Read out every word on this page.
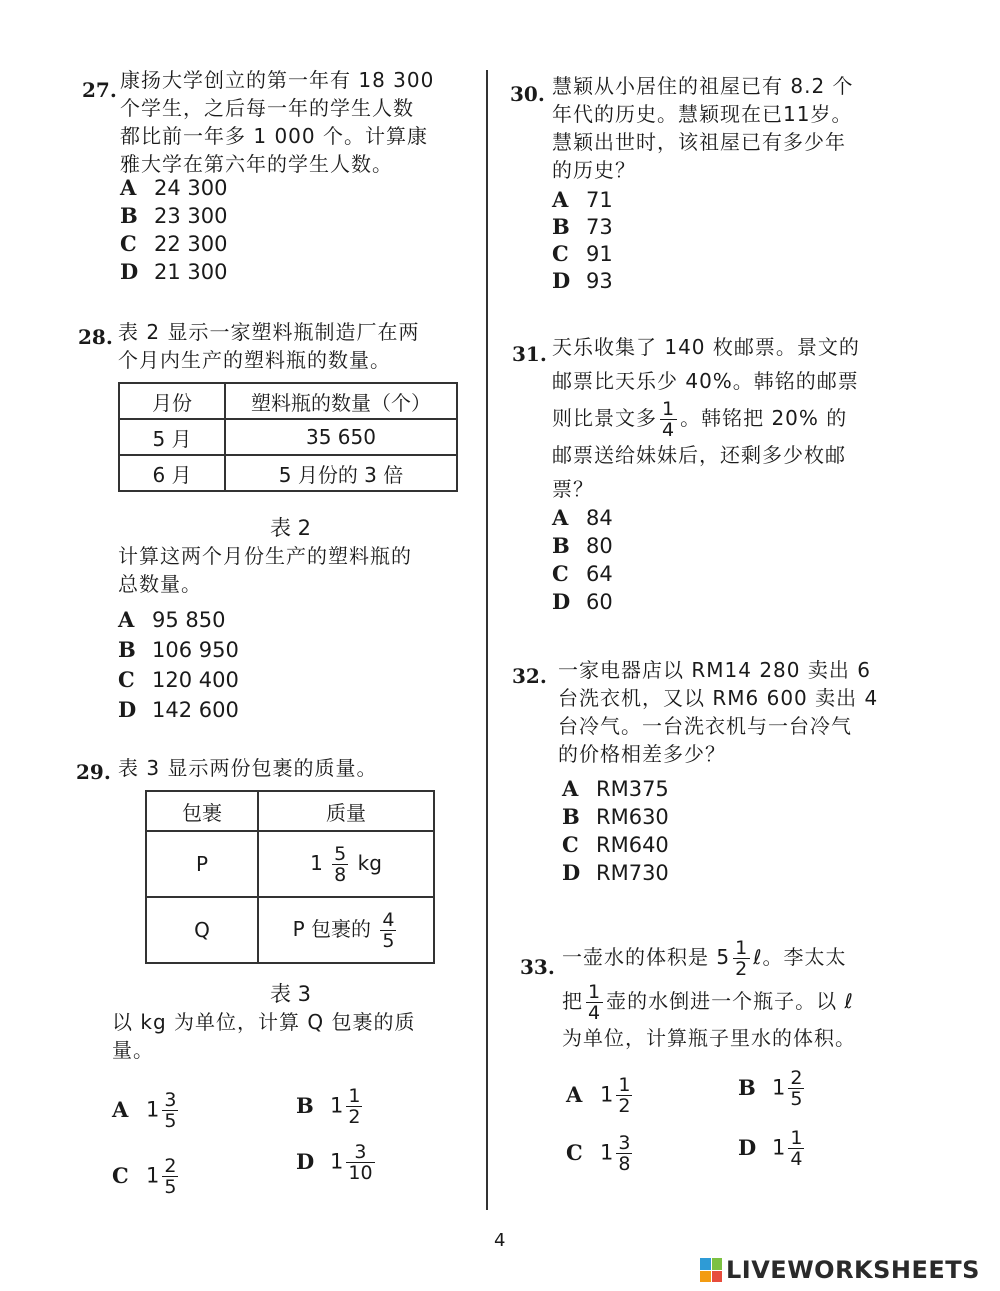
27. 康扬大学创立的第一年有 18 300
个学生，之后每一年的学生人数
都比前一年多 1 000 个。计算康
雅大学在第六年的学生人数。
A 24 300
B 23 300
C 22 300
D 21 300
28. 表 2 显示一家塑料瓶制造厂在两
个月内生产的塑料瓶的数量。
月份	塑料瓶的数量（个）
5 月	35 650
6 月	5 月份的 3 倍
表 2
计算这两个月份生产的塑料瓶的
总数量。
A 95 850
B 106 950
C 120 400
D 142 600
29. 表 3 显示两份包裹的质量。
包裹	质量
P	$1 \frac{5}{8}$ kg
Q	P 包裹的 $\frac{4}{5}$
表 3
以 kg 为单位，计算 Q 包裹的质
量。
A $1 \frac{3}{5}$	B $1 \frac{1}{2}$
C $1 \frac{2}{5}$	D $1 \frac{3}{10}$
30. 慧颖从小居住的祖屋已有 8.2 个
年代的历史。慧颖现在已11岁。
慧颖出世时，该祖屋已有多少年
的历史？
A 71
B 73
C 91
D 93
31. 天乐收集了 140 枚邮票。景文的
邮票比天乐少 40%。韩铭的邮票
则比景文多 $\frac{1}{4}$ 。韩铭把 20% 的
邮票送给妹妹后，还剩多少枚邮
票？
A 84
B 80
C 64
D 60
32. 一家电器店以 RM14 280 卖出 6
台洗衣机，又以 RM6 600 卖出 4
台冷气。一台洗衣机与一台冷气
的价格相差多少？
A RM375
B RM630
C RM640
D RM730
33. 一壶水的体积是 $5 \frac{1}{2}$ ℓ。李太太
把 $\frac{1}{4}$ 壶的水倒进一个瓶子。以 ℓ
为单位，计算瓶子里水的体积。
A $1 \frac{1}{2}$	B $1 \frac{2}{5}$
C $1 \frac{3}{8}$	D $1 \frac{1}{4}$
4
LIVEWORKSHEETS
